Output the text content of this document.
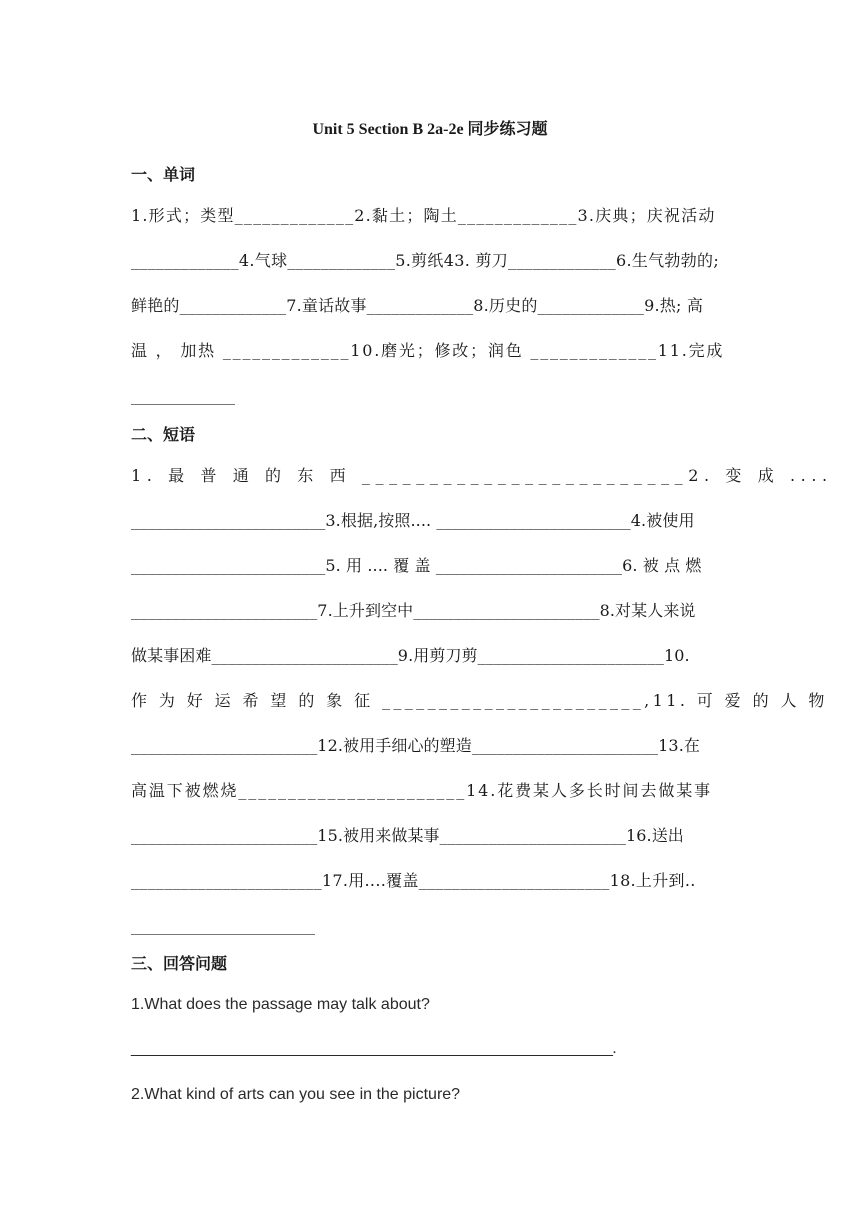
Unit 5 Section B 2a-2e 同步练习题
一、单词
1.形式；类型_____________2.黏土；陶土_____________3.庆典；庆祝活动
_____________4.气球_____________5.剪纸43. 剪刀_____________6.生气勃勃的;
鲜艳的_____________7.童话故事_____________8.历史的_____________9.热; 高
温 ， 加热 _____________10.磨光；修改；润色 _____________11.完成
_____________
二、短语
1. 最 普 通 的 东 西 ________________________2. 变 成 ....
________________________3.根据,按照.... ________________________4.被使用
________________________5. 用 .... 覆 盖 _______________________6. 被 点 燃
_______________________7.上升到空中_______________________8.对某人来说
做某事困难_______________________9.用剪刀剪_______________________10.
作 为 好 运 希 望 的 象 征 _______________________,11. 可 爱 的 人 物
_______________________12.被用手细心的塑造_______________________13.在
高温下被燃烧_______________________14.花费某人多长时间去做某事
_______________________15.被用来做某事_______________________16.送出
_______________________17.用....覆盖_______________________18.上升到..
_______________________
三、回答问题
1.What does the passage may talk about?
__________________________________________________________.
2.What kind of arts can you see in the picture?
